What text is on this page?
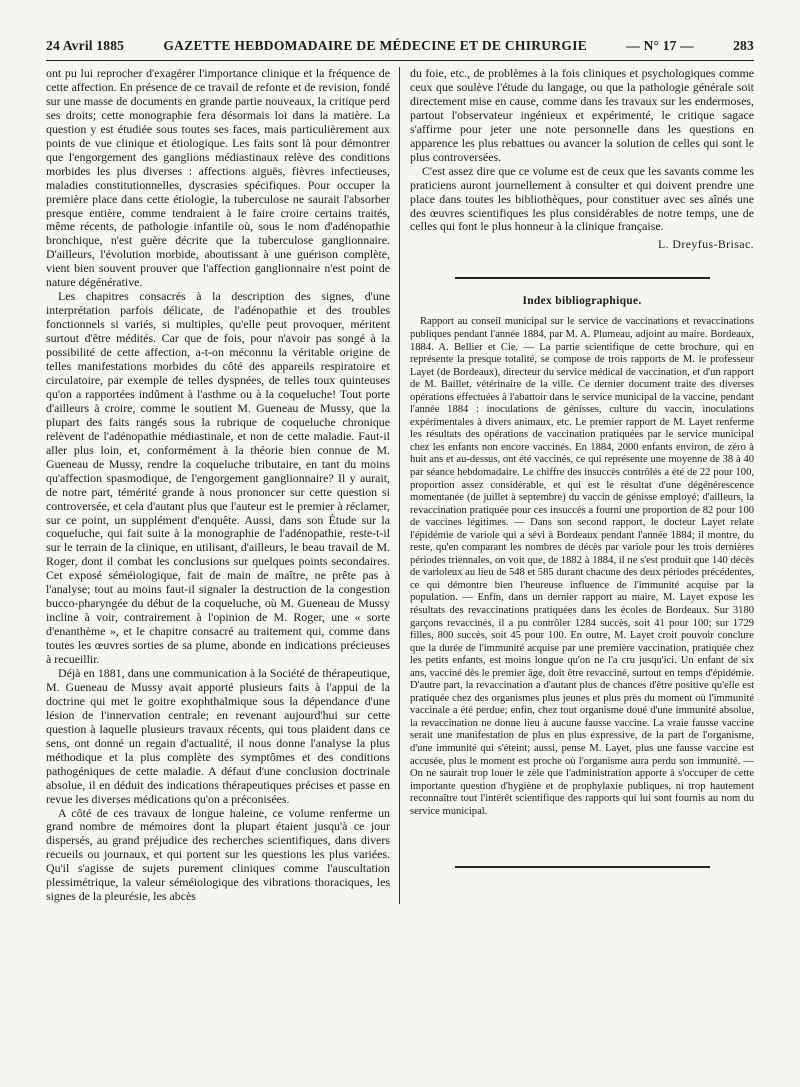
24 Avril 1885	GAZETTE HEBDOMADAIRE DE MÉDECINE ET DE CHIRURGIE	— N° 17 —	283

ont pu lui reprocher d'exagérer l'importance clinique et la fréquence de cette affection. En présence de ce travail de refonte et de revision, fondé sur une masse de documents en grande partie nouveaux, la critique perd ses droits; cette monographie fera désormais loi dans la matière. La question y est étudiée sous toutes ses faces, mais particulièrement aux points de vue clinique et étiologique. Les faits sont là pour démontrer que l'engorgement des ganglions médiastinaux relève des conditions morbides les plus diverses : affections aiguës, fièvres infectieuses, maladies constitutionnelles, dyscrasies spécifiques. Pour occuper la première place dans cette étiologie, la tuberculose ne saurait l'absorber presque entière, comme tendraient à le faire croire certains traités, même récents, de pathologie infantile où, sous le nom d'adénopathie bronchique, n'est guère décrite que la tuberculose ganglionnaire. D'ailleurs, l'évolution morbide, aboutissant à une guérison complète, vient bien souvent prouver que l'affection ganglionnaire n'est point de nature dégénérative.

Les chapitres consacrés à la description des signes, d'une interprétation parfois délicate, de l'adénopathie et des troubles fonctionnels si variés, si multiples, qu'elle peut provoquer, méritent surtout d'être médités. Car que de fois, pour n'avoir pas songé à la possibilité de cette affection, a-t-on méconnu la véritable origine de telles manifestations morbides du côté des appareils respiratoire et circulatoire, par exemple de telles dyspnées, de telles toux quinteuses qu'on a rapportées indûment à l'asthme ou à la coqueluche! Tout porte d'ailleurs à croire, comme le soutient M. Gueneau de Mussy, que la plupart des faits rangés sous la rubrique de coqueluche chronique relèvent de l'adénopathie médiastinale, et non de cette maladie. Faut-il aller plus loin, et, conformément à la théorie bien connue de M. Gueneau de Mussy, rendre la coqueluche tributaire, en tant du moins qu'affection spasmodique, de l'engorgement ganglionnaire? Il y aurait, de notre part, témérité grande à nous prononcer sur cette question si controversée, et cela d'autant plus que l'auteur est le premier à réclamer, sur ce point, un supplément d'enquête. Aussi, dans son Étude sur la coqueluche, qui fait suite à la monographie de l'adénopathie, reste-t-il sur le terrain de la clinique, en utilisant, d'ailleurs, le beau travail de M. Roger, dont il combat les conclusions sur quelques points secondaires. Cet exposé séméiologique, fait de main de maître, ne prête pas à l'analyse; tout au moins faut-il signaler la destruction de la congestion bucco-pharyngée du début de la coqueluche, où M. Gueneau de Mussy incline à voir, contrairement à l'opinion de M. Roger, une « sorte d'enanthème », et le chapitre consacré au traitement qui, comme dans toutes les œuvres sorties de sa plume, abonde en indications précieuses à recueillir.

Déjà en 1881, dans une communication à la Société de thérapeutique, M. Gueneau de Mussy avait apporté plusieurs faits à l'appui de la doctrine qui met le goitre exophthalmique sous la dépendance d'une lésion de l'innervation centrale; en revenant aujourd'hui sur cette question à laquelle plusieurs travaux récents, qui tous plaident dans ce sens, ont donné un regain d'actualité, il nous donne l'analyse la plus méthodique et la plus complète des symptômes et des conditions pathogéniques de cette maladie. A défaut d'une conclusion doctrinale absolue, il en déduit des indications thérapeutiques précises et passe en revue les diverses médications qu'on a préconisées.

A côté de ces travaux de longue haleine, ce volume renferme un grand nombre de mémoires dont la plupart étaient jusqu'à ce jour dispersés, au grand préjudice des recherches scientifiques, dans divers recueils ou journaux, et qui portent sur les questions les plus variées. Qu'il s'agisse de sujets purement cliniques comme l'auscultation plessimétrique, la valeur séméiologique des vibrations thoraciques, les signes de la pleurésie, les abcès

du foie, etc., de problèmes à la fois cliniques et psychologiques comme ceux que soulève l'étude du langage, ou que la pathologie générale soit directement mise en cause, comme dans les travaux sur les endermoses, partout l'observateur ingénieux et expérimenté, le critique sagace s'affirme pour jeter une note personnelle dans les questions en apparence les plus rebattues ou avancer la solution de celles qui sont le plus controversées.

C'est assez dire que ce volume est de ceux que les savants comme les praticiens auront journellement à consulter et qui doivent prendre une place dans toutes les bibliothèques, pour constituer avec ses aînés une des œuvres scientifiques les plus considérables de notre temps, une de celles qui font le plus honneur à la clinique française.

L. Dreyfus-Brisac.
Index bibliographique.

Rapport au conseil municipal sur le service de vaccinations et revaccinations publiques pendant l'année 1884, par M. A. Plumeau, adjoint au maire. Bordeaux, 1884. A. Bellier et Cie. — La partie scientifique de cette brochure, qui en représente la presque totalité, se compose de trois rapports de M. le professeur Layet (de Bordeaux), directeur du service médical de vaccination, et d'un rapport de M. Baillet, vétérinaire de la ville. Ce dernier document traite des diverses opérations effectuées à l'abattoir dans le service municipal de la vaccine, pendant l'année 1884 : inoculations de génisses, culture du vaccin, inoculations expérimentales à divers animaux, etc. Le premier rapport de M. Layet renferme les résultats des opérations de vaccination pratiquées par le service municipal chez les enfants non encore vaccinés. En 1884, 2000 enfants environ, de zéro à huit ans et au-dessus, ont été vaccinés, ce qui représente une moyenne de 38 à 40 par séance hebdomadaire. Le chiffre des insuccès contrôlés a été de 22 pour 100, proportion assez considérable, et qui est le résultat d'une dégénérescence momentanée (de juillet à septembre) du vaccin de génisse employé; d'ailleurs, la revaccination pratiquée pour ces insuccès a fourni une proportion de 82 pour 100 de vaccines légitimes. — Dans son second rapport, le docteur Layet relate l'épidémie de variole qui a sévi à Bordeaux pendant l'année 1884; il montre, du reste, qu'en comparant les nombres de décès par variole pour les trois dernières périodes triennales, on voit que, de 1882 à 1884, il ne s'est produit que 140 décès de varioleux au lieu de 548 et 585 durant chacune des deux périodes précédentes, ce qui démontre bien l'heureuse influence de l'immunité acquise par la population. — Enfin, dans un dernier rapport au maire, M. Layet expose les résultats des revaccinations pratiquées dans les écoles de Bordeaux. Sur 3180 garçons revaccinés, il a pu contrôler 1284 succès, soit 41 pour 100; sur 1729 filles, 800 succès, soit 45 pour 100. En outre, M. Layet croit pouvoir conclure que la durée de l'immunité acquise par une première vaccination, pratiquée chez les petits enfants, est moins longue qu'on ne l'a cru jusqu'ici. Un enfant de six ans, vacciné dès le premier âge, doit être revacciné, surtout en temps d'épidémie. D'autre part, la revaccination a d'autant plus de chances d'être positive qu'elle est pratiquée chez des organismes plus jeunes et plus près du moment où l'immunité vaccinale a été perdue; enfin, chez tout organisme doué d'une immunité absolue, la revaccination ne donne lieu à aucune fausse vaccine. La vraie fausse vaccine serait une manifestation de plus en plus expressive, de la part de l'organisme, d'une immunité qui s'éteint; aussi, pense M. Layet, plus une fausse vaccine est accusée, plus le moment est proche où l'organisme aura perdu son immunité. — On ne saurait trop louer le zèle que l'administration apporte à s'occuper de cette importante question d'hygiène et de prophylaxie publiques, ni trop hautement reconnaître tout l'intérêt scientifique des rapports qui lui sont fournis au nom du service municipal.
